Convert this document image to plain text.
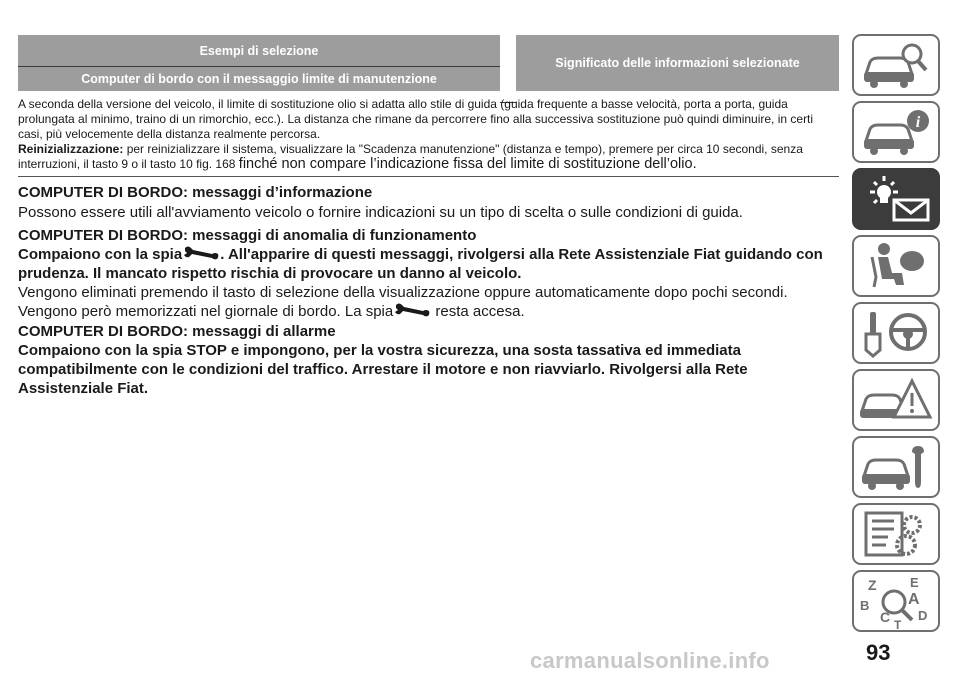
Esempi di selezione
Computer di bordo con il messaggio limite di manutenzione
Significato delle informazioni selezionate
A seconda della versione del veicolo, il limite di sostituzione olio si adatta allo stile di guida (guida frequente a basse velocità, porta a porta, guida prolungata al minimo, traino di un rimorchio, ecc.). La distanza che rimane da percorrere fino alla successiva sostituzione può quindi diminuire, in certi casi, più velocemente della distanza realmente percorsa.
Reinizializzazione: per reinizializzare il sistema, visualizzare la "Scadenza manutenzione" (distanza e tempo), premere per circa 10 secondi, senza interruzioni, il tasto 9 o il tasto 10 fig. 168 finché non compare l’indicazione fissa del limite di sostituzione dell’olio.
COMPUTER DI BORDO: messaggi d’informazione
Possono essere utili all'avviamento veicolo o fornire indicazioni su un tipo di scelta o sulle condizioni di guida.
COMPUTER DI BORDO: messaggi di anomalia di funzionamento
Compaiono con la spia	. All'apparire di questi messaggi, rivolgersi alla Rete Assistenziale Fiat guidando con prudenza. Il mancato rispetto rischia di provocare un danno al veicolo.
Vengono eliminati premendo il tasto di selezione della visualizzazione oppure automaticamente dopo pochi secondi. Vengono però memorizzati nel giornale di bordo. La spia	resta accesa.
COMPUTER DI BORDO: messaggi di allarme
Compaiono con la spia STOP e impongono, per la vostra sicurezza, una sosta tassativa ed immediata compatibilmente con le condizioni del traffico. Arrestare il motore e non riavviarlo. Rivolgersi alla Rete Assistenziale Fiat.
i
Z	E
B A
C D
T
93
carmanualsonline.info
